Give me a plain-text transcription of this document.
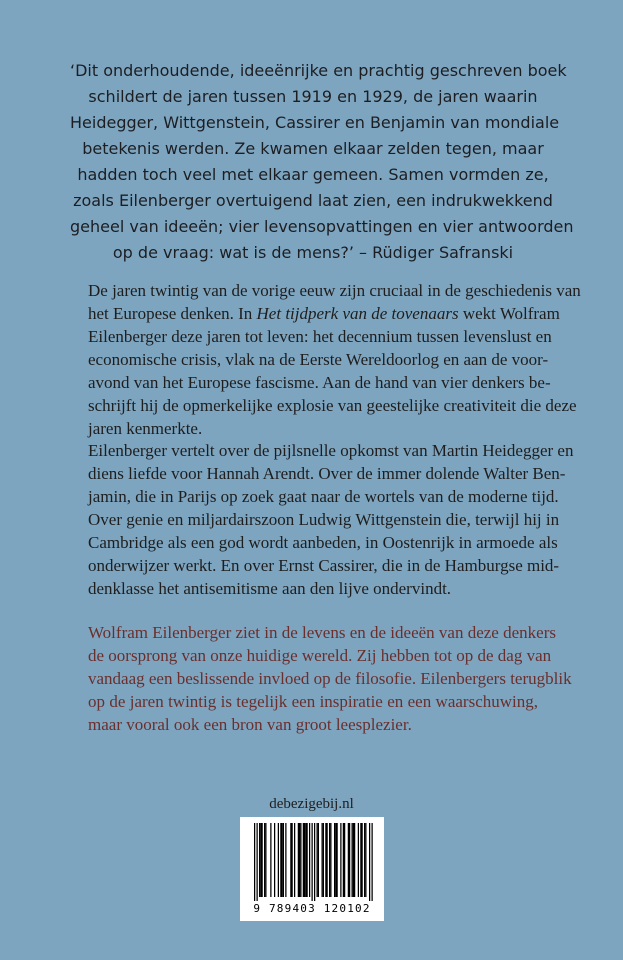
‘Dit onderhoudende, ideeënrijke en prachtig geschreven boek
schildert de jaren tussen 1919 en 1929, de jaren waarin
Heidegger, Wittgenstein, Cassirer en Benjamin van mondiale
betekenis werden. Ze kwamen elkaar zelden tegen, maar
hadden toch veel met elkaar gemeen. Samen vormden ze,
zoals Eilenberger overtuigend laat zien, een indrukwekkend
geheel van ideeën; vier levensopvattingen en vier antwoorden
op de vraag: wat is de mens?’ – Rüdiger Safranski
De jaren twintig van de vorige eeuw zijn cruciaal in de geschiedenis van
het Europese denken. In Het tijdperk van de tovenaars wekt Wolfram
Eilenberger deze jaren tot leven: het decennium tussen levenslust en
economische crisis, vlak na de Eerste Wereldoorlog en aan de voor-
avond van het Europese fascisme. Aan de hand van vier denkers be-
schrijft hij de opmerkelijke explosie van geestelijke creativiteit die deze
jaren kenmerkte.
Eilenberger vertelt over de pijlsnelle opkomst van Martin Heidegger en
diens liefde voor Hannah Arendt. Over de immer dolende Walter Ben-
jamin, die in Parijs op zoek gaat naar de wortels van de moderne tijd.
Over genie en miljardairszoon Ludwig Wittgenstein die, terwijl hij in
Cambridge als een god wordt aanbeden, in Oostenrijk in armoede als
onderwijzer werkt. En over Ernst Cassirer, die in de Hamburgse mid-
denklasse het antisemitisme aan den lijve ondervindt.
Wolfram Eilenberger ziet in de levens en de ideeën van deze denkers
de oorsprong van onze huidige wereld. Zij hebben tot op de dag van
vandaag een beslissende invloed op de filosofie. Eilenbergers terugblik
op de jaren twintig is tegelijk een inspiratie en een waarschuwing,
maar vooral ook een bron van groot leesplezier.
debezigebij.nl
9 789403 120102
